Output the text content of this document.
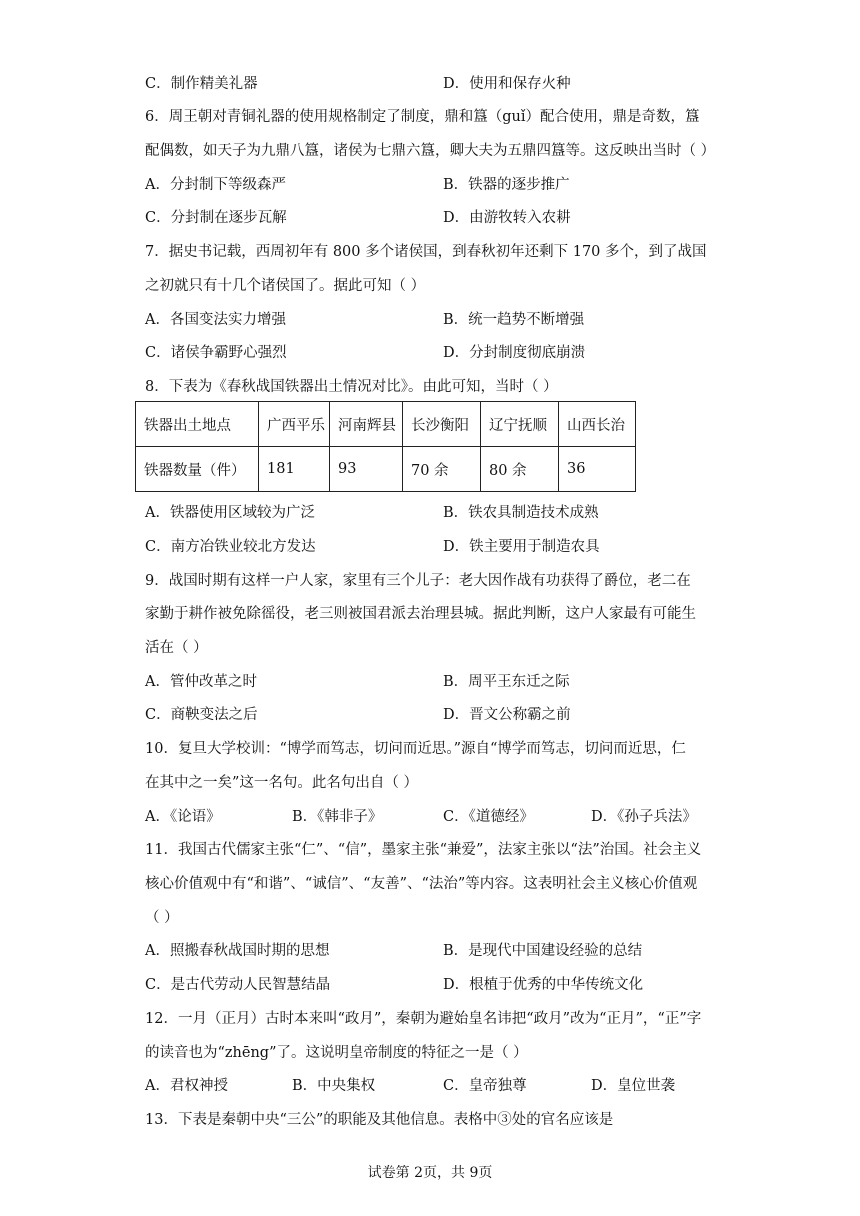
C．制作精美礼器	D．使用和保存火种
6．周王朝对青铜礼器的使用规格制定了制度，鼎和簋（guǐ）配合使用，鼎是奇数，簋
配偶数，如天子为九鼎八簋，诸侯为七鼎六簋，卿大夫为五鼎四簋等。这反映出当时（ ）
A．分封制下等级森严	B．铁器的逐步推广
C．分封制在逐步瓦解	D．由游牧转入农耕
7．据史书记载，西周初年有 800 多个诸侯国，到春秋初年还剩下 170 多个，到了战国
之初就只有十几个诸侯国了。据此可知（ ）
A．各国变法实力增强	B．统一趋势不断增强
C．诸侯争霸野心强烈	D．分封制度彻底崩溃
8．下表为《春秋战国铁器出土情况对比》。由此可知，当时（ ）
铁器出土地点	广西平乐	河南辉县	长沙衡阳	辽宁抚顺	山西长治
铁器数量（件）	181	93	70 余	80 余	36
A．铁器使用区域较为广泛	B．铁农具制造技术成熟
C．南方冶铁业较北方发达	D．铁主要用于制造农具
9．战国时期有这样一户人家，家里有三个儿子：老大因作战有功获得了爵位，老二在
家勤于耕作被免除徭役，老三则被国君派去治理县城。据此判断，这户人家最有可能生
活在（ ）
A．管仲改革之时	B．周平王东迁之际
C．商鞅变法之后	D．晋文公称霸之前
10．复旦大学校训：“博学而笃志，切问而近思。”源自“博学而笃志，切问而近思，仁
在其中之一矣”这一名句。此名句出自（ ）
A．《论语》	B．《韩非子》	C．《道德经》	D．《孙子兵法》
11．我国古代儒家主张“仁”、“信”，墨家主张“兼爱”，法家主张以“法”治国。社会主义
核心价值观中有“和谐”、“诚信”、“友善”、“法治”等内容。这表明社会主义核心价值观
（ ）
A．照搬春秋战国时期的思想	B．是现代中国建设经验的总结
C．是古代劳动人民智慧结晶	D．根植于优秀的中华传统文化
12．一月（正月）古时本来叫“政月”，秦朝为避始皇名讳把“政月”改为“正月”，“正”字
的读音也为“zhēng”了。这说明皇帝制度的特征之一是（ ）
A．君权神授	B．中央集权	C．皇帝独尊	D．皇位世袭
13．下表是秦朝中央“三公”的职能及其他信息。表格中③处的官名应该是
试卷第 2页，共 9页
